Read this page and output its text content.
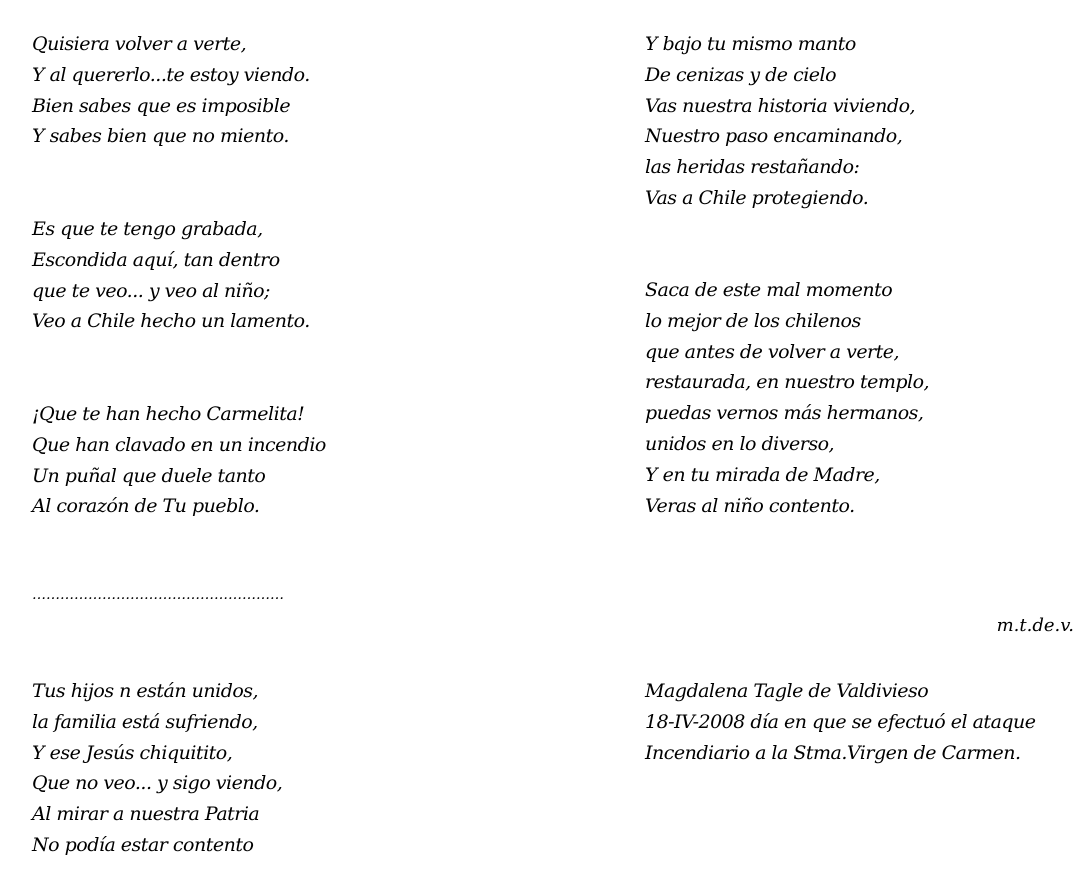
Quisiera volver a verte,
Y al quererlo...te estoy viendo.
Bien sabes que es imposible
Y sabes bien que no miento.
Es que te tengo grabada,
Escondida aquí, tan dentro
que te veo... y veo al niño;
Veo a Chile hecho un lamento.
¡Que te han hecho Carmelita!
Que han clavado en un incendio
Un puñal que duele tanto
Al corazón de Tu pueblo.
………………………………………………
Tus hijos n están unidos,
la familia está sufriendo,
Y ese Jesús chiquitito,
Que no veo... y sigo viendo,
Al mirar a nuestra Patria
No podía estar contento
Y bajo tu mismo manto
De cenizas y de cielo
Vas nuestra historia viviendo,
Nuestro paso encaminando,
las heridas restañando:
Vas a Chile protegiendo.
Saca de este mal momento
lo mejor de los chilenos
que antes de volver a verte,
restaurada, en nuestro templo,
puedas vernos más hermanos,
unidos en lo diverso,
Y en tu mirada de Madre,
Veras al niño contento.
m.t.de.v.
Magdalena Tagle de Valdivieso
18-IV-2008 día en que se efectuó el ataque
Incendiario a la Stma.Virgen de Carmen.
